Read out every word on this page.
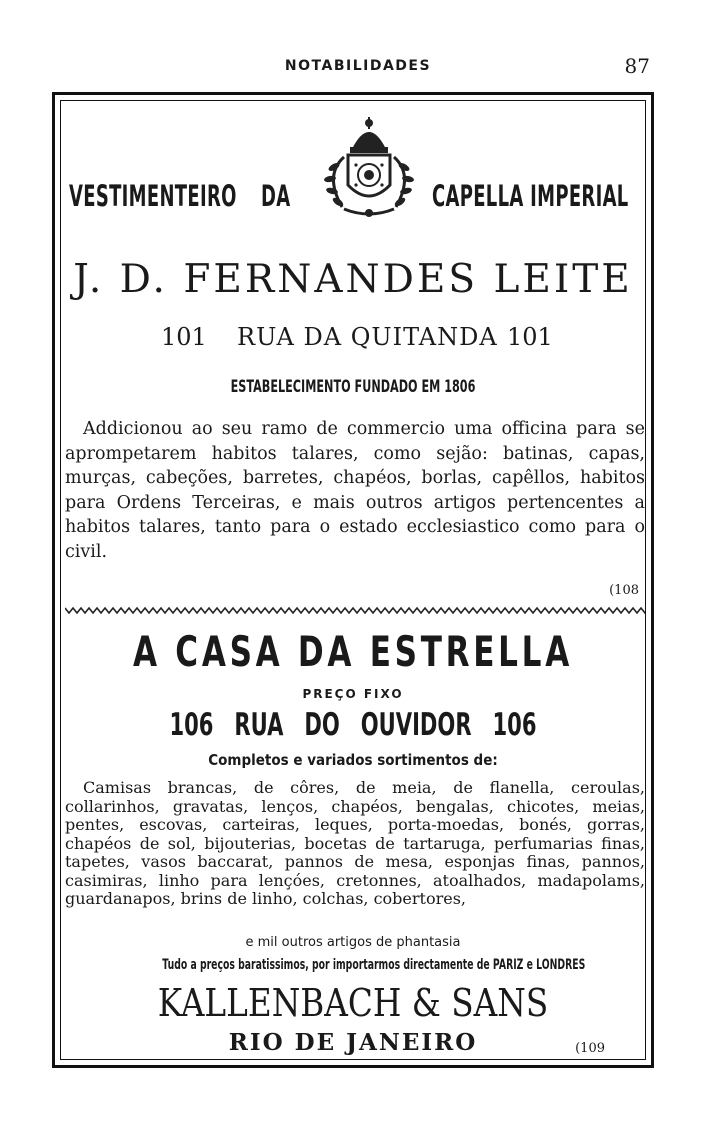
NOTABILIDADES	87
VESTIMENTEIRO DA	CAPELLA IMPERIAL
J. D. FERNANDES LEITE
101 RUA DA QUITANDA 101
ESTABELECIMENTO FUNDADO EM 1806

Addicionou ao seu ramo de commercio uma officina para se aprompetarem habitos talares, como sejão: batinas, capas, murças, cabeções, barretes, chapéos, borlas, capêllos, habitos para Ordens Terceiras, e mais outros artigos pertencentes a habitos talares, tanto para o estado ecclesiastico como para o civil.

(108
A CASA DA ESTRELLA
PREÇO FIXO
106 RUA DO OUVIDOR 106
Completos e variados sortimentos de:

Camisas brancas, de côres, de meia, de flanella, ceroulas, collarinhos, gravatas, lenços, chapéos, bengalas, chicotes, meias, pentes, escovas, carteiras, leques, porta-moedas, bonés, gorras, chapéos de sol, bijouterias, bocetas de tartaruga, perfumarias finas, tapetes, vasos baccarat, pannos de mesa, esponjas finas, pannos, casimiras, linho para lençóes, cretonnes, atoalhados, madapolams, guardanapos, brins de linho, colchas, cobertores,

e mil outros artigos de phantasia
Tudo a preços baratissimos, por importarmos directamente de PARIZ e LONDRES
KALLENBACH & SANS
RIO DE JANEIRO	(109
